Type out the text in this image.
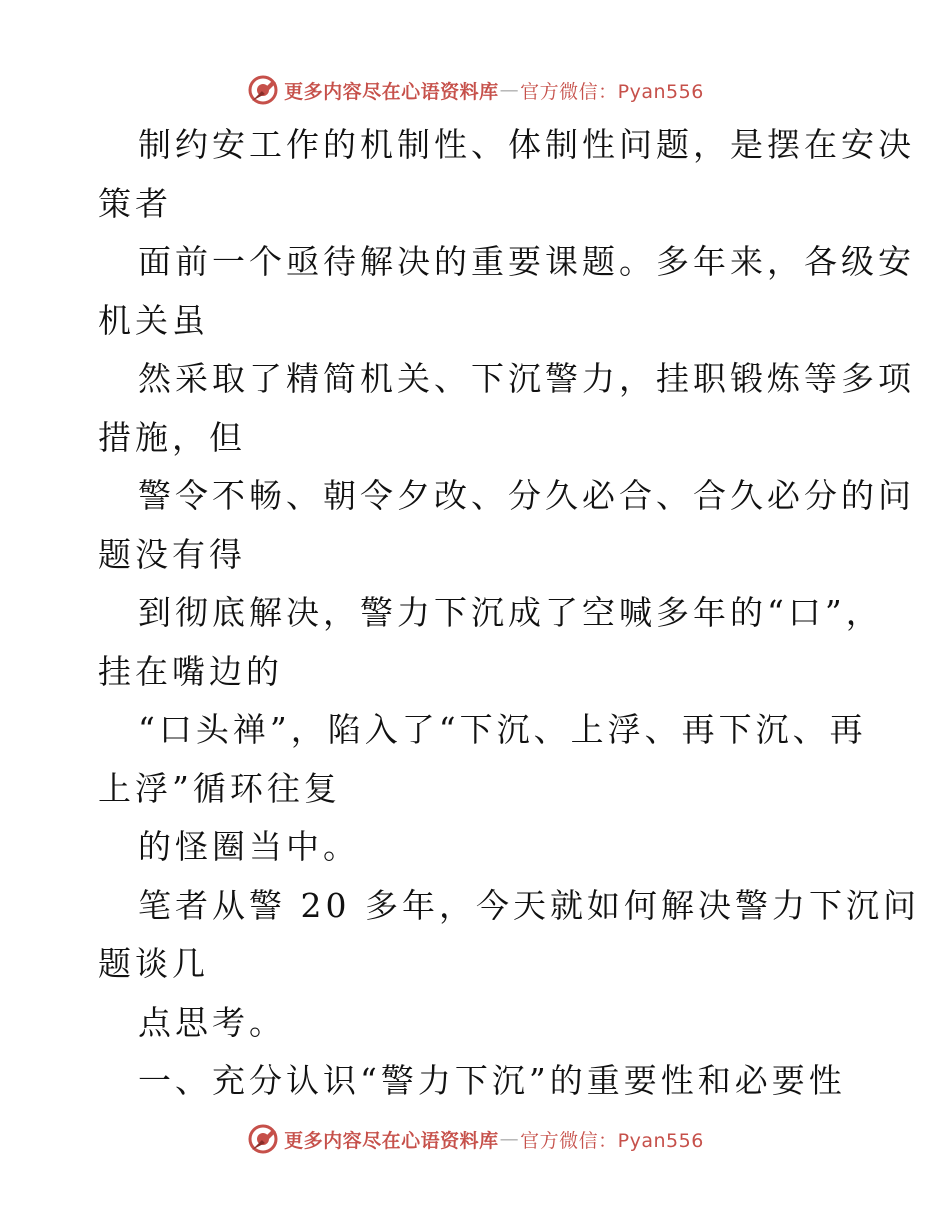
更多内容尽在心语资料库 — 官方微信：Pyan556

制约安工作的机制性、体制性问题，是摆在安决

策者

面前一个亟待解决的重要课题。多年来，各级安

机关虽

然采取了精简机关、下沉警力，挂职锻炼等多项

措施，但

警令不畅、朝令夕改、分久必合、合久必分的问

题没有得

到彻底解决，警力下沉成了空喊多年的“口”，

挂在嘴边的

“口头禅”，陷入了“下沉、上浮、再下沉、再

上浮”循环往复

的怪圈当中。

笔者从警 20 多年，今天就如何解决警力下沉问

题谈几

点思考。

一、充分认识“警力下沉”的重要性和必要性

更多内容尽在心语资料库 — 官方微信：Pyan556
